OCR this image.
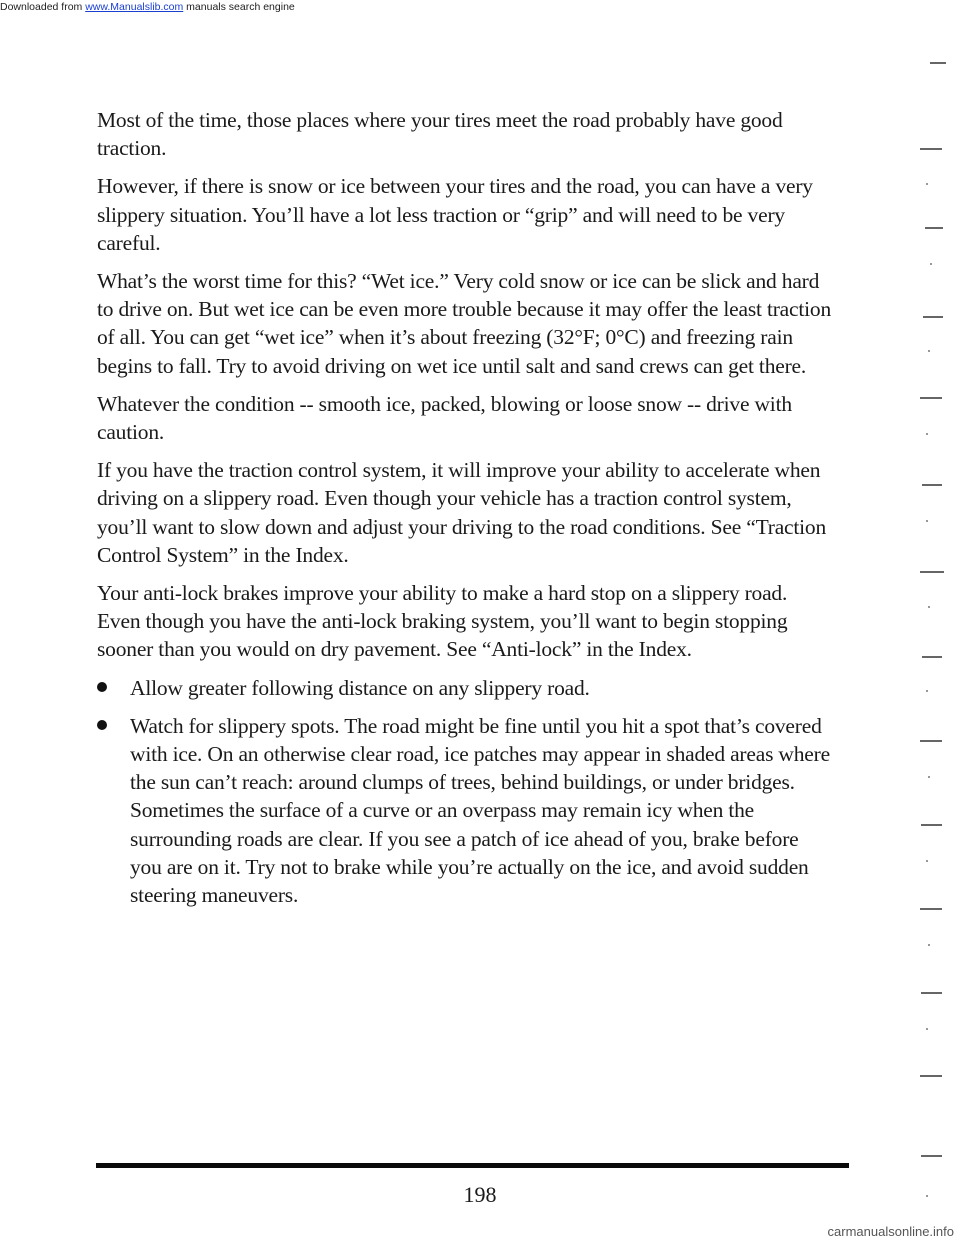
Downloaded from www.Manualslib.com manuals search engine

Most of the time, those places where your tires meet the road probably have good traction.

However, if there is snow or ice between your tires and the road, you can have a very slippery situation. You’ll have a lot less traction or “grip” and will need to be very careful.

What’s the worst time for this? “Wet ice.” Very cold snow or ice can be slick and hard to drive on. But wet ice can be even more trouble because it may offer the least traction of all. You can get “wet ice” when it’s about freezing (32°F; 0°C) and freezing rain begins to fall. Try to avoid driving on wet ice until salt and sand crews can get there.

Whatever the condition -- smooth ice, packed, blowing or loose snow -- drive with caution.

If you have the traction control system, it will improve your ability to accelerate when driving on a slippery road. Even though your vehicle has a traction control system, you’ll want to slow down and adjust your driving to the road conditions. See “Traction Control System” in the Index.

Your anti-lock brakes improve your ability to make a hard stop on a slippery road. Even though you have the anti-lock braking system, you’ll want to begin stopping sooner than you would on dry pavement. See “Anti-lock” in the Index.

Allow greater following distance on any slippery road.
Watch for slippery spots. The road might be fine until you hit a spot that’s covered with ice. On an otherwise clear road, ice patches may appear in shaded areas where the sun can’t reach: around clumps of trees, behind buildings, or under bridges. Sometimes the surface of a curve or an overpass may remain icy when the surrounding roads are clear. If you see a patch of ice ahead of you, brake before you are on it. Try not to brake while you’re actually on the ice, and avoid sudden steering maneuvers.
198
carmanualsonline.info
